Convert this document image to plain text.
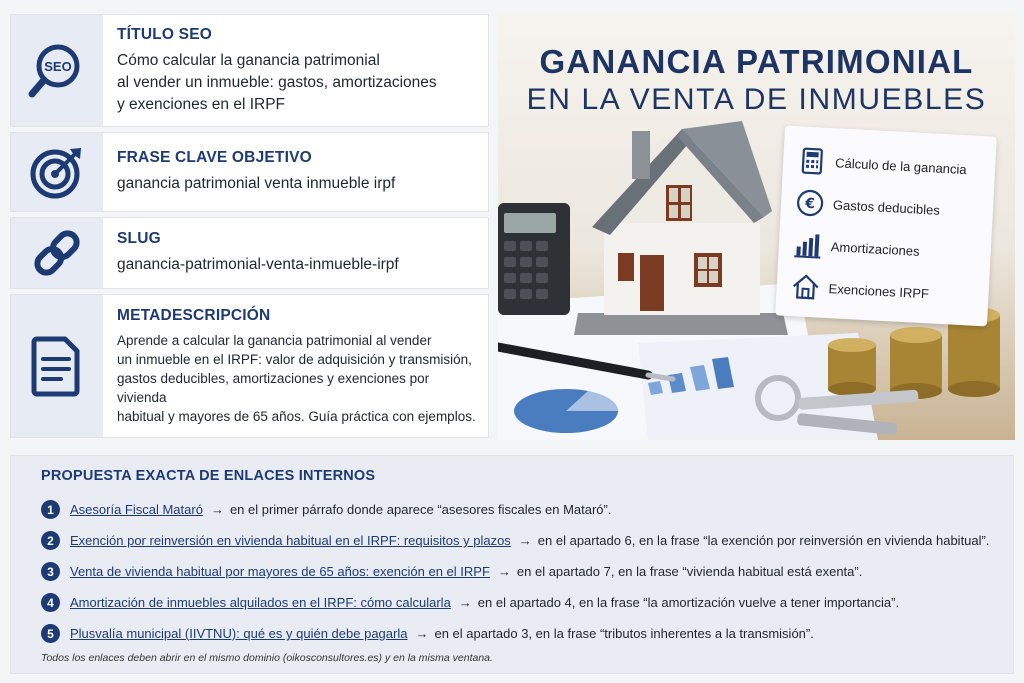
SEO
TÍTULO SEO
Cómo calcular la ganancia patrimonial
al vender un inmueble: gastos, amortizaciones
y exenciones en el IRPF
FRASE CLAVE OBJETIVO
ganancia patrimonial venta inmueble irpf
SLUG
ganancia-patrimonial-venta-inmueble-irpf
METADESCRIPCIÓN
Aprende a calcular la ganancia patrimonial al vender
un inmueble en el IRPF: valor de adquisición y transmisión,
gastos deducibles, amortizaciones y exenciones por vivienda
habitual y mayores de 65 años. Guía práctica con ejemplos.
GANANCIA PATRIMONIAL
EN LA VENTA DE INMUEBLES
Cálculo de la ganancia
€ Gastos deducibles
Amortizaciones
Exenciones IRPF
PROPUESTA EXACTA DE ENLACES INTERNOS
1	Asesoría Fiscal Mataró → en el primer párrafo donde aparece “asesores fiscales en Mataró”.
2	Exención por reinversión en vivienda habitual en el IRPF: requisitos y plazos → en el apartado 6, en la frase “la exención por reinversión en vivienda habitual”.
3	Venta de vivienda habitual por mayores de 65 años: exención en el IRPF → en el apartado 7, en la frase “vivienda habitual está exenta”.
4	Amortización de inmuebles alquilados en el IRPF: cómo calcularla → en el apartado 4, en la frase “la amortización vuelve a tener importancia”.
5	Plusvalía municipal (IIVTNU): qué es y quién debe pagarla → en el apartado 3, en la frase “tributos inherentes a la transmisión”.
Todos los enlaces deben abrir en el mismo dominio (oikosconsultores.es) y en la misma ventana.
